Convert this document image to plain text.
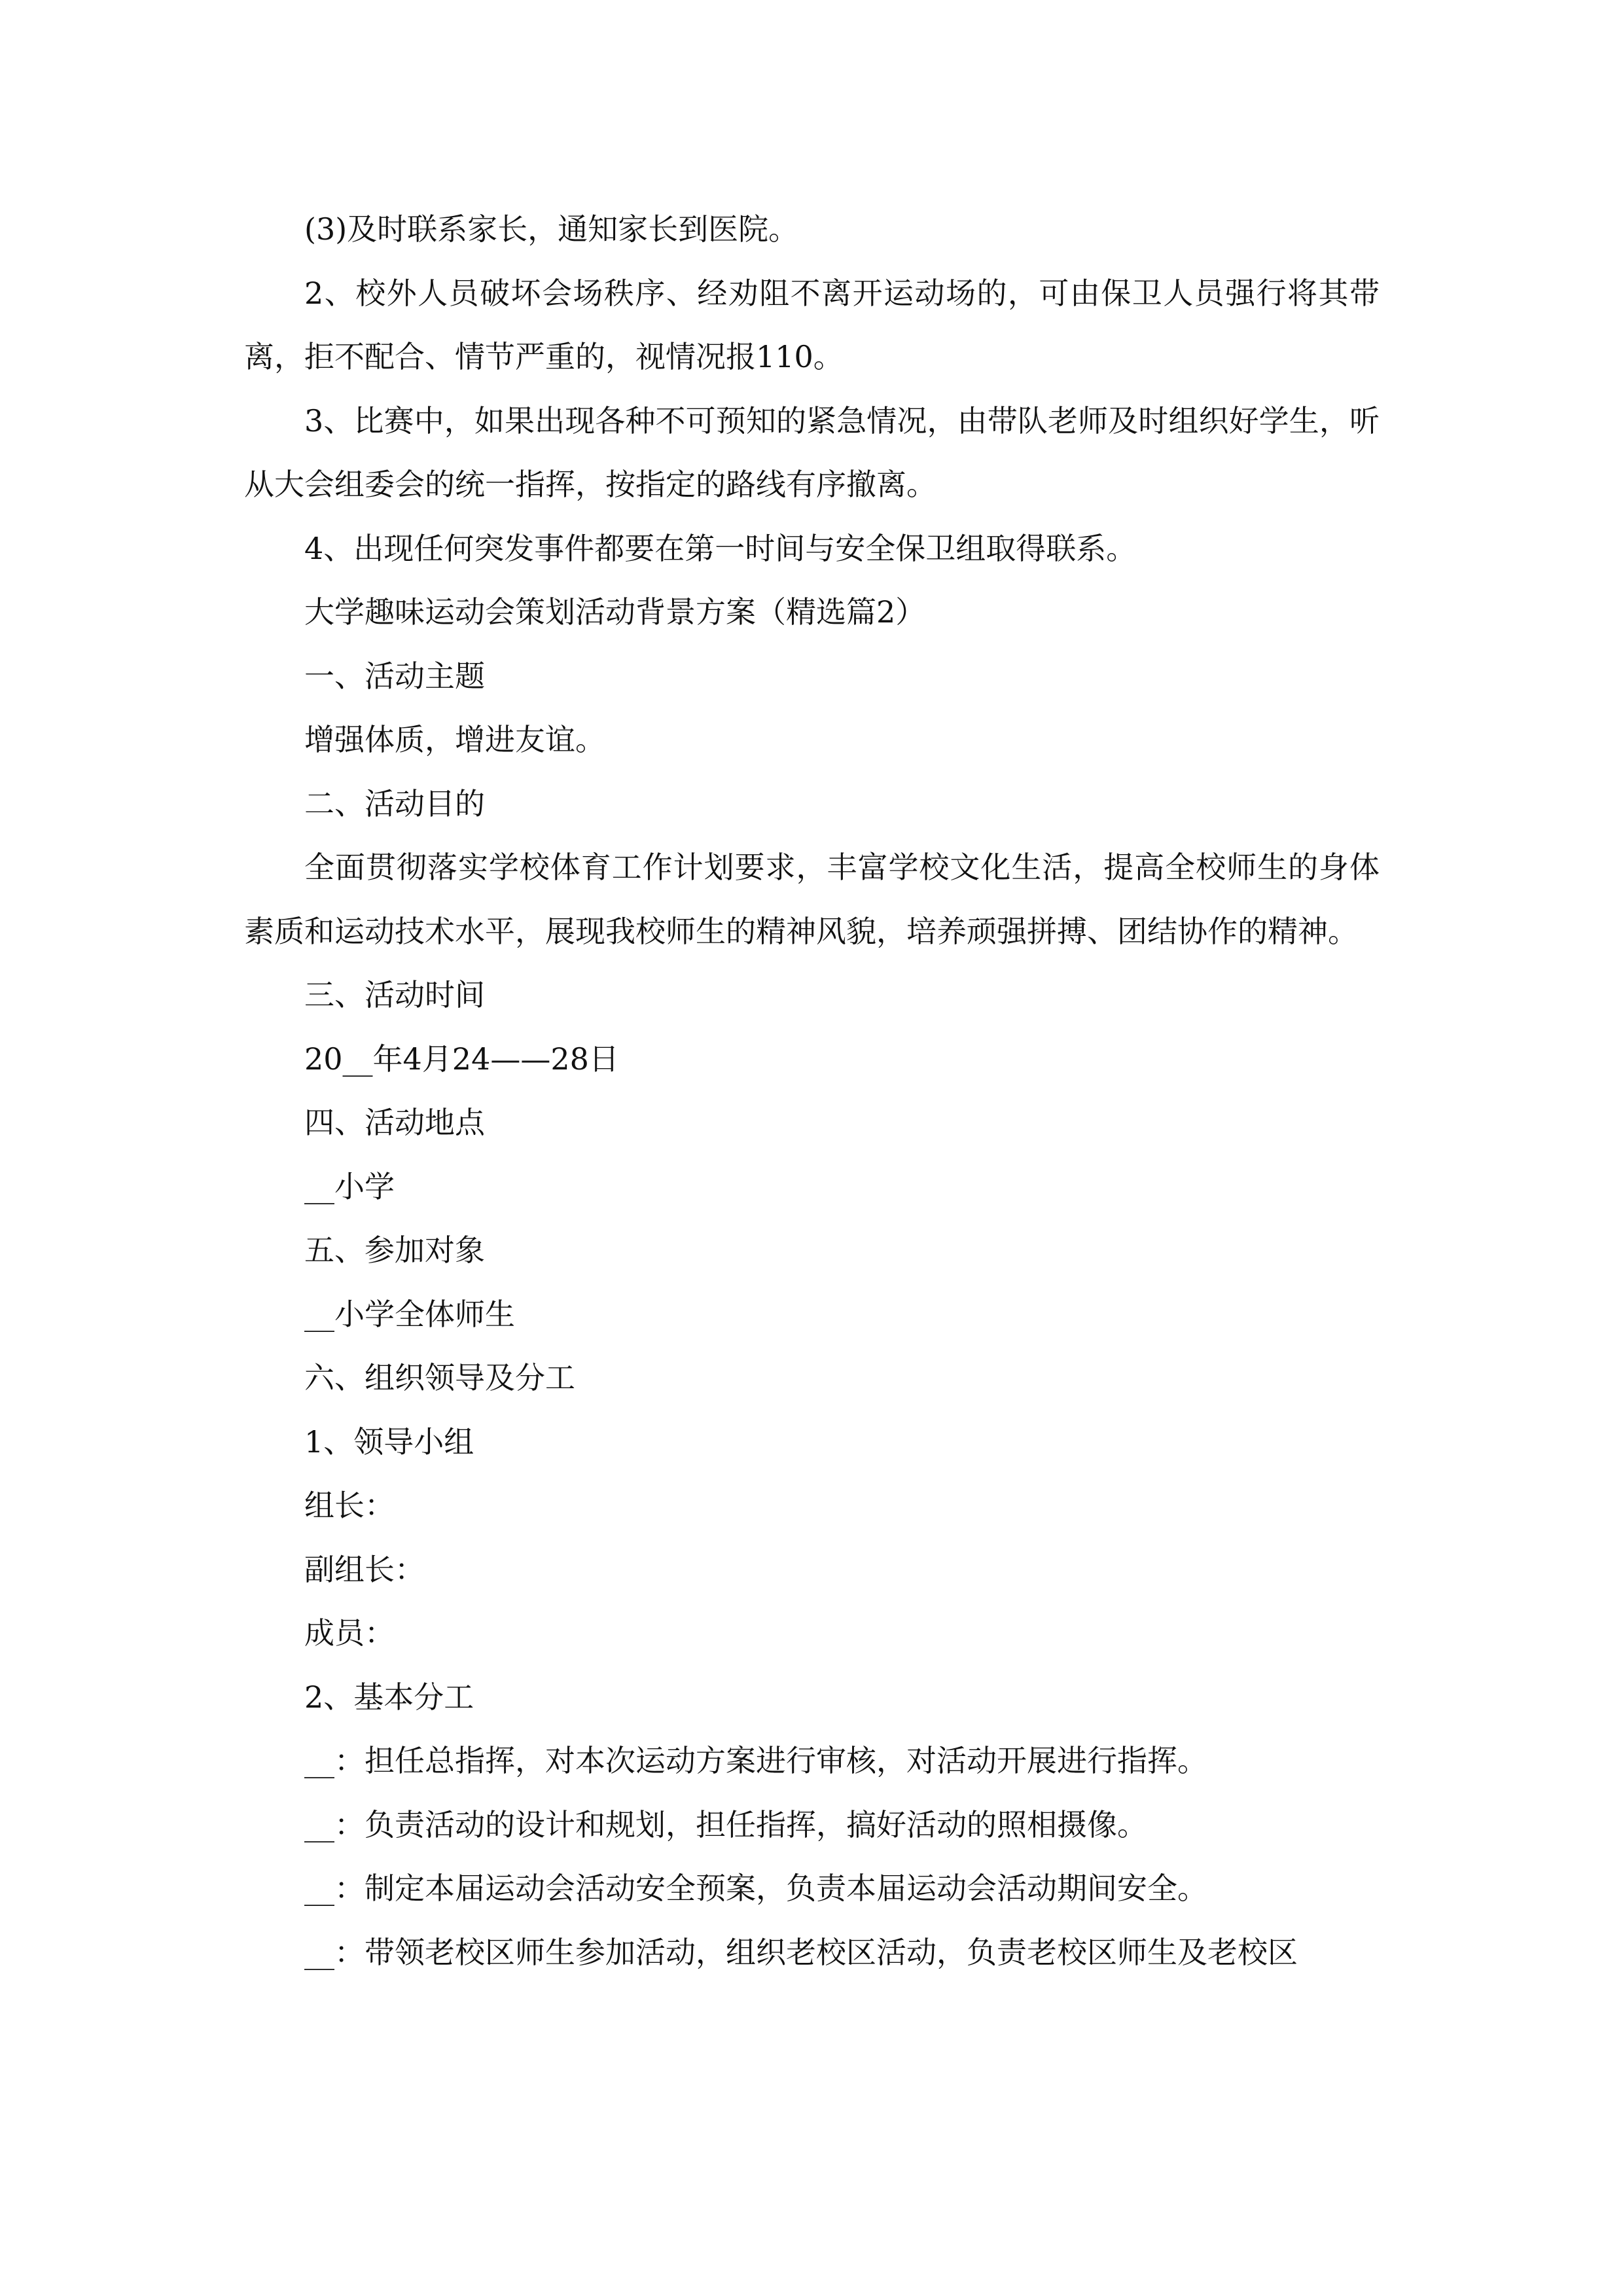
(3)及时联系家长，通知家长到医院。

2、校外人员破坏会场秩序、经劝阻不离开运动场的，可由保卫人员强行将其带离，拒不配合、情节严重的，视情况报110。

3、比赛中，如果出现各种不可预知的紧急情况，由带队老师及时组织好学生，听从大会组委会的统一指挥，按指定的路线有序撤离。

4、出现任何突发事件都要在第一时间与安全保卫组取得联系。

大学趣味运动会策划活动背景方案（精选篇2）

一、活动主题

增强体质，增进友谊。

二、活动目的

全面贯彻落实学校体育工作计划要求，丰富学校文化生活，提高全校师生的身体素质和运动技术水平，展现我校师生的精神风貌，培养顽强拼搏、团结协作的精神。

三、活动时间

20__年4月24——28日

四、活动地点

__小学

五、参加对象

__小学全体师生

六、组织领导及分工

1、领导小组

组长：

副组长：

成员：

2、基本分工

__：担任总指挥，对本次运动方案进行审核，对活动开展进行指挥。

__：负责活动的设计和规划，担任指挥，搞好活动的照相摄像。

__：制定本届运动会活动安全预案，负责本届运动会活动期间安全。

__：带领老校区师生参加活动，组织老校区活动，负责老校区师生及老校区
